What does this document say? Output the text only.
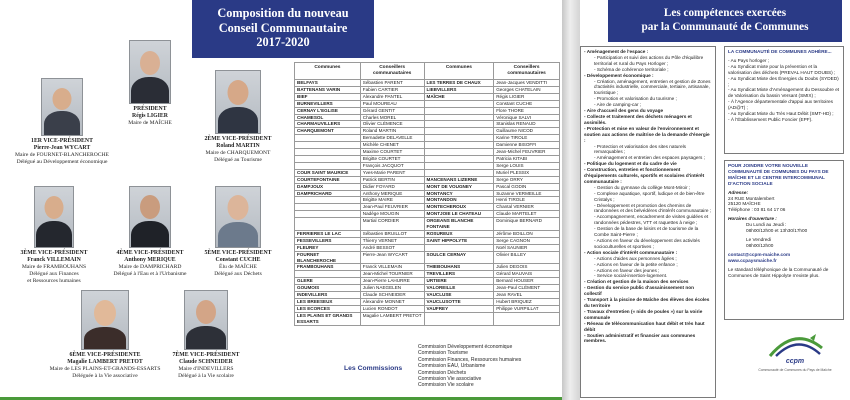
Composition du nouveau
Conseil Communautaire
2017-2020
PRÉSIDENT
Régis LIGIER
Maire de MAÎCHE
1ER VICE-PRÉSIDENT
Pierre-Jean WYCART
Maire de FOURNET-BLANCHEROCHE
Délégué au Développement économique
2ÈME VICE-PRÉSIDENT
Roland MARTIN
Maire de CHARQUEMONT
Délégué au Tourisme
3ÈME VICE-PRÉSIDENT
Franck VILLEMAIN
Maire de FRAMBOUHANS
Délégué aux Finances
et Ressources humaines
4ÈME VICE-PRÉSIDENT
Anthony MERIQUE
Maire de DAMPRICHARD
Délégué à l'Eau et à l'Urbanisme
5ÈME VICE-PRÉSIDENT
Constant CUCHE
Élu de MAÎCHE
Délégué aux Déchets
6ÈME VICE-PRÉSIDENTE
Magalie LAMBERT PRETOT
Maire de LES PLAINS-ET-GRANDS-ESSARTS
Déléguée à la Vie associative
7ÈME VICE-PRÉSIDENT
Claude SCHNEIDER
Maire d'INDEVILLERS
Délégué à la Vie scolaire
Communes	Conseillers communautaires	Communes	Conseillers communautaires
BELFAYS	Sébastien PARENT	LES TERRES DE CHAUX	Jean-Jacques VENDITTI
BATTENANS VARIN	Fabien CARTIER	LIEBVILLERS	Georges CHATELAIN
BIEF	Alexandre PANTEL	MAÎCHE	Régis LIGIER
BURNEVILLERS	Paul MOUREAU		Constant CUCHE
CERNAY L'EGLISE	Gérard GENTIT		Flore THORE
CHAMESOL	Charles MOREL		Véronique SALVI
CHARMAUVILLERS	Olivier CLÉMENCE		Stanislas RENAUD
CHARQUEMONT	Roland MARTIN		Guillaume NICOD
	Bernadette DELAVELLE		Karine TIROLE
	Michèle CHENET		Damienne BISOFFI
	Maxime COURTET		Jean-Michel FEUVRIER
	Brigitte COURTET		Patricia KITABI
	François JACQUOT		Serge LOUIS
COUR SAINT MAURICE	Yves-Marie PARENT		Muriel PLESSIX
COURTEFONTAINE	Patrick BERTIN	MANCENANS LIZERNE	Serge ORRY
DAMPJOUX	Didier FOYARD	MONT DE VOUGNEY	Pascal GODIN
DAMPRICHARD	Anthony MERIQUE	MONTANCY	Suzanne VERMEILLE
	Brigitte MAIRE	MONTANDON	Henri TIROLE
	Jean-Paul FEUVRIER	MONTECHEROUX	Chantal VERNIER
	Nadège MOUGIN	MONTJOIE LE CHATEAU	Claude MARTELET
	Martial CORDIER	ORGEANS BLANCHE FONTAINE	Dominique BERNARD
FERRIERES LE LAC	Sébastien BRUILLOT	ROSUREUX	Jérôme BOILLON
FESSEVILLERS	Thierry VERNET	SAINT HIPPOLYTE	Serge CAGNON
FLEUREY	André BESSOT		Noël SAUNIER
FOURNET BLANCHEROCHE	Pierre-Jean WYCART	SOULCE CERNAY	Olivier BILLEY
FRAMBOUHANS	Franck VILLEMAIN	THIEBOUHANS	Julien DEGOIS
	Jean-Michel TOURNIER	TREVILLERS	Gérard MAUVAIS
GLERE	Jean-Pierre LAHURRE	URTIERE	Bernard HOUSER
GOUMOIS	Julien NAEGELEN	VALOREILLE	Jean-Paul CLÉMENT
INDEVILLERS	Claude SCHNEIDER	VAUCLUSE	Jean RAVEL
LES BREESEUX	Alexandre MONNET	VAUCLUSOTTE	Hubert BRIQUEZ
LES ECORCES	Lucien RONDOT	VAUFREY	Philippe VURPILLAT
LES PLAINS ET GRANDS ESSARTS	Magalie LAMBERT PRETOT		
Les Commissions
Commission Développement économique
Commission Tourisme
Commission Finances, Ressources humaines
Commission EAU, Urbanisme
Commission Déchets
Commission Vie associative
Commission Vie scolaire
Les compétences exercées
par la Communauté de Communes
- Aménagement de l'espace :
- Participation et suivi des actions du Pôle d'équilibre territorial et rural du Pays Horloger ;
- Schéma de cohérence territoriale ;
- Développement économique :
- Création, aménagement, entretien et gestion de Zones d'activités industrielle, commerciale, tertiaire, artisanale, touristique ;
- Promotion et valorisation du tourisme ;
- Aire de camping-car ;
- Aire d'accueil des gens du voyage
- Collecte et traitement des déchets ménagers et assimilés.
- Protection et mise en valeur de l'environnement et soutien aux actions de maîtrise de la demande d'énergie :
- Protection et valorisation des sites naturels remarquables ;
- Aménagement et entretien des espaces paysagers ;
- Politique du logement et du cadre de vie
- Construction, entretien et fonctionnement d'équipements culturels, sportifs et scolaires d'intérêt communautaire :
- Gestion du gymnase du collège Mont-Miroir ;
- Complexe aquatique, sportif, ludique et de bien-être Cristalys ;
- Développement et promotion des chemins de randonnées et des belvédères d'intérêt communautaire ;
- Accompagnement, encadrement de visites guidées et randonnées pédestres, VTT et raquettes à neige ;
- Gestion de la base de loisirs et de tourisme de la Combe Saint-Pierre ;
- Actions en faveur du développement des activités socioculturelles et sportives ;
- Action sociale d'intérêt communautaire :
- Actions d'aides aux personnes âgées ;
- Actions en faveur de la petite enfance ;
- Actions en faveur des jeunes ;
- Service social-insertion-logement.
- Création et gestion de la maison des services
- Gestion du service public d'assainissement non collectif
- Transport à la piscine de Maîche des élèves des écoles du territoire
- Travaux d'entretien (« nids de poules ») sur la voirie communale
- Réseau de télécommunication haut débit et très haut débit
- Soutien administratif et financier aux communes membres.
LA COMMUNAUTÉ DE COMMUNES ADHÈRE...
- Au Pays horloger ;
- Au Syndicat mixte pour la prévention et la valorisation des déchets (PREVAL HAUT DOUBS) ;
- Au Syndicat Mixte des Énergies du Doubs (SYDED) ;
- Au Syndicat Mixte d'Aménagement du Dessoubre et de Valorisation du bassin Versant (SMIX) ;
- À l'Agence départementale d'appui aux territoires (AD@T) ;
- Au Syndicat Mixte du Très Haut Débit (SMT-HD) ;
- À l'Établissement Public Foncier (EPF).
POUR JOINDRE VOTRE NOUVELLE COMMUNAUTÉ DE COMMUNES DU PAYS DE MAÎCHE ET LE CENTRE INTERCOMMUNAL D'ACTION SOCIALE
Adresse:
24 RUE Montalembert
25120 MAÎCHE
Téléphone : 03 81 64 17 06
Horaires d'ouverture :
Du Lundi au Jeudi :
08h00/12h00 et 13h30/17h00
Le Vendredi
08h00/12h00
contact@ccpm-maiche.com
www.ccpaysmaiche.fr
Le standard téléphonique de la Communauté de Communes de Saint Hippolyte n'existe plus.
ccpm
Communauté de Communes du Pays de Maîche
